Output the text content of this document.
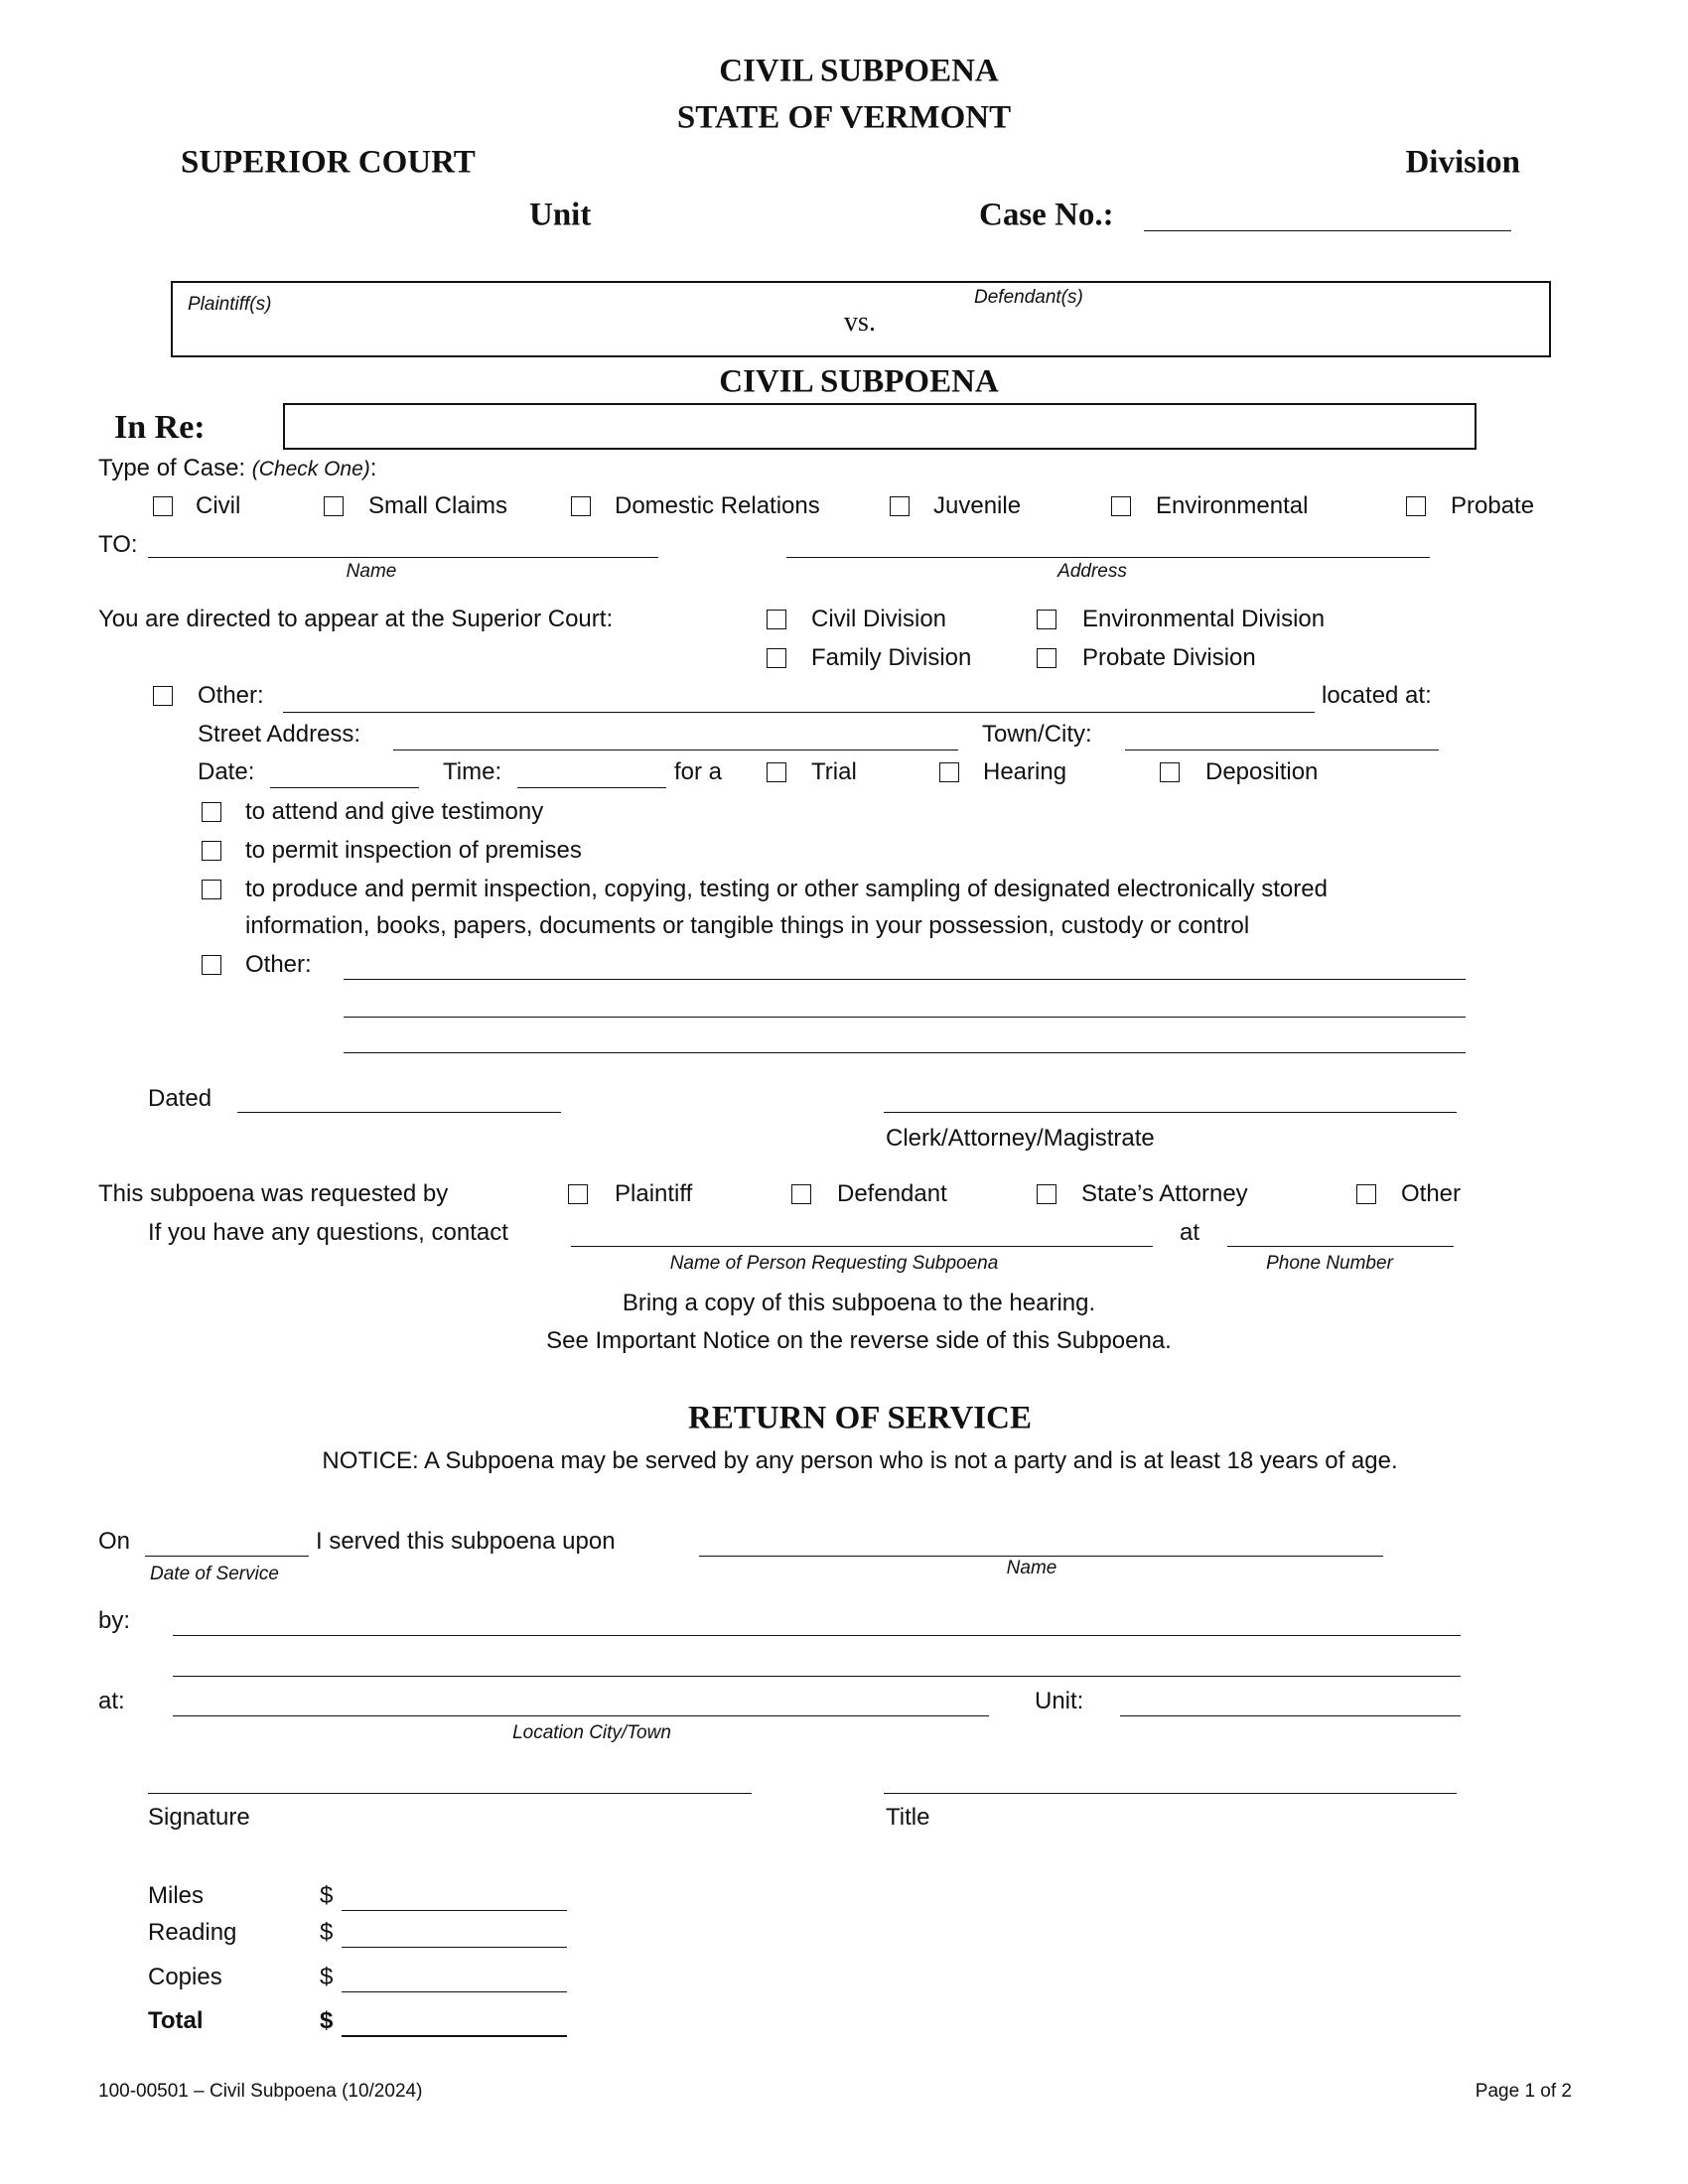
CIVIL SUBPOENA
STATE OF VERMONT
SUPERIOR COURT	Division
Unit	Case No.:
Plaintiff(s)
vs.
Defendant(s)
CIVIL SUBPOENA
In Re:
Type of Case: (Check One):
Civil	Small Claims	Domestic Relations	Juvenile	Environmental	Probate
TO:
Name	Address
You are directed to appear at the Superior Court:	Civil Division	Environmental Division
Family Division	Probate Division
Other:	located at:
Street Address:	Town/City:
Date:	Time:	for a	Trial	Hearing	Deposition
to attend and give testimony
to permit inspection of premises
to produce and permit inspection, copying, testing or other sampling of designated electronically stored
information, books, papers, documents or tangible things in your possession, custody or control
Other:
Dated
Clerk/Attorney/Magistrate
This subpoena was requested by	Plaintiff	Defendant	State’s Attorney	Other
If you have any questions, contact	at
Name of Person Requesting Subpoena	Phone Number
Bring a copy of this subpoena to the hearing.
See Important Notice on the reverse side of this Subpoena.
RETURN OF SERVICE
NOTICE: A Subpoena may be served by any person who is not a party and is at least 18 years of age.
On
Date of Service
I served this subpoena upon
Name
by:
at:
Location City/Town
Unit:
Signature	Title
Miles	$
Reading	$
Copies	$
Total	$
100-00501 – Civil Subpoena (10/2024)	Page 1 of 2
